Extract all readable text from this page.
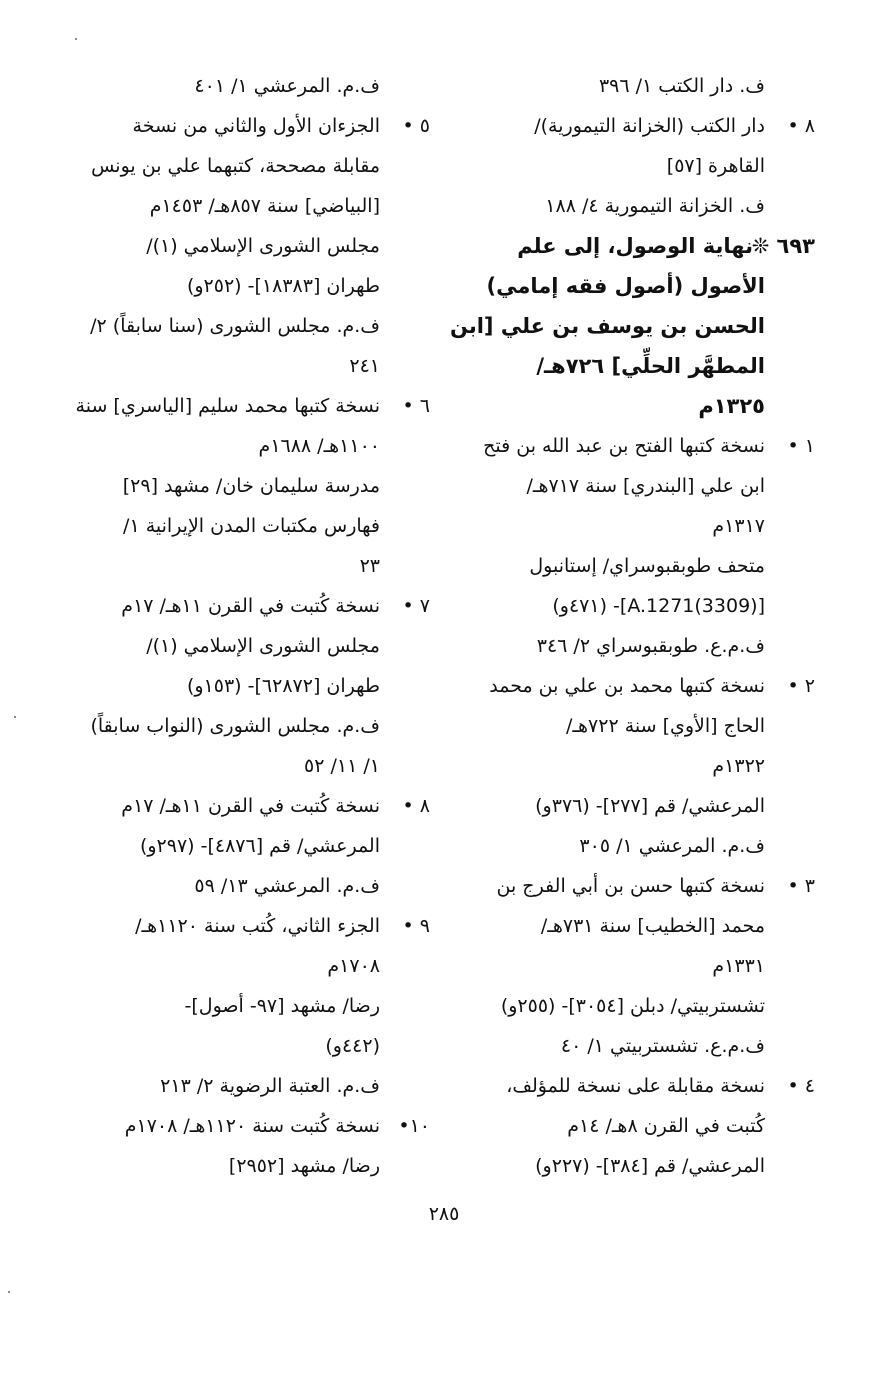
ف. دار الكتب ١/ ٣٩٦
٨ •
دار الكتب (الخزانة التيمورية)/
القاهرة [٥٧]
ف. الخزانة التيمورية ٤/ ١٨٨
٦٩٣ ❊
نهاية الوصول، إلى علم
الأصول (أصول فقه إمامي)
الحسن بن يوسف بن علي [ابن
المطهَّر الحلِّي] ٧٢٦هـ/
١٣٢٥م
١ •
نسخة كتبها الفتح بن عبد الله بن فتح
ابن علي [البندري] سنة ٧١٧هـ/
١٣١٧م
متحف طوبقبوسراي/ إستانبول
[A.1271(3309)]- (٤٧١و)
ف.م.ع. طوبقبوسراي ٢/ ٣٤٦
٢ •
نسخة كتبها محمد بن علي بن محمد
الحاج [الأوي] سنة ٧٢٢هـ/
١٣٢٢م
المرعشي/ قم [٢٧٧]- (٣٧٦و)
ف.م. المرعشي ١/ ٣٠٥
٣ •
نسخة كتبها حسن بن أبي الفرج بن
محمد [الخطيب] سنة ٧٣١هـ/
١٣٣١م
تشستربيتي/ دبلن [٣٠٥٤]- (٢٥٥و)
ف.م.ع. تشستربيتي ١/ ٤٠
٤ •
نسخة مقابلة على نسخة للمؤلف،
كُتبت في القرن ٨هـ/ ١٤م
المرعشي/ قم [٣٨٤]- (٢٢٧و)
ف.م. المرعشي ١/ ٤٠١
٥ •
الجزءان الأول والثاني من نسخة
مقابلة مصححة، كتبهما علي بن يونس
[البياضي] سنة ٨٥٧هـ/ ١٤٥٣م
مجلس الشورى الإسلامي (١)/
طهران [١٨٣٨٣]- (٢٥٢و)
ف.م. مجلس الشورى (سنا سابقاً) ٢/
٢٤١
٦ •
نسخة كتبها محمد سليم [الياسري] سنة
١١٠٠هـ/ ١٦٨٨م
مدرسة سليمان خان/ مشهد [٢٩]
فهارس مكتبات المدن الإيرانية ١/
٢٣
٧ •
نسخة كُتبت في القرن ١١هـ/ ١٧م
مجلس الشورى الإسلامي (١)/
طهران [٦٢٨٧٢]- (١٥٣و)
ف.م. مجلس الشورى (النواب سابقاً)
١/ ١١/ ٥٢
٨ •
نسخة كُتبت في القرن ١١هـ/ ١٧م
المرعشي/ قم [٤٨٧٦]- (٢٩٧و)
ف.م. المرعشي ١٣/ ٥٩
٩ •
الجزء الثاني، كُتب سنة ١١٢٠هـ/
١٧٠٨م
رضا/ مشهد [٩٧- أصول]-
(٤٤٢و)
ف.م. العتبة الرضوية ٢/ ٢١٣
١٠•
نسخة كُتبت سنة ١١٢٠هـ/ ١٧٠٨م
رضا/ مشهد [٢٩٥٢]
٢٨٥
